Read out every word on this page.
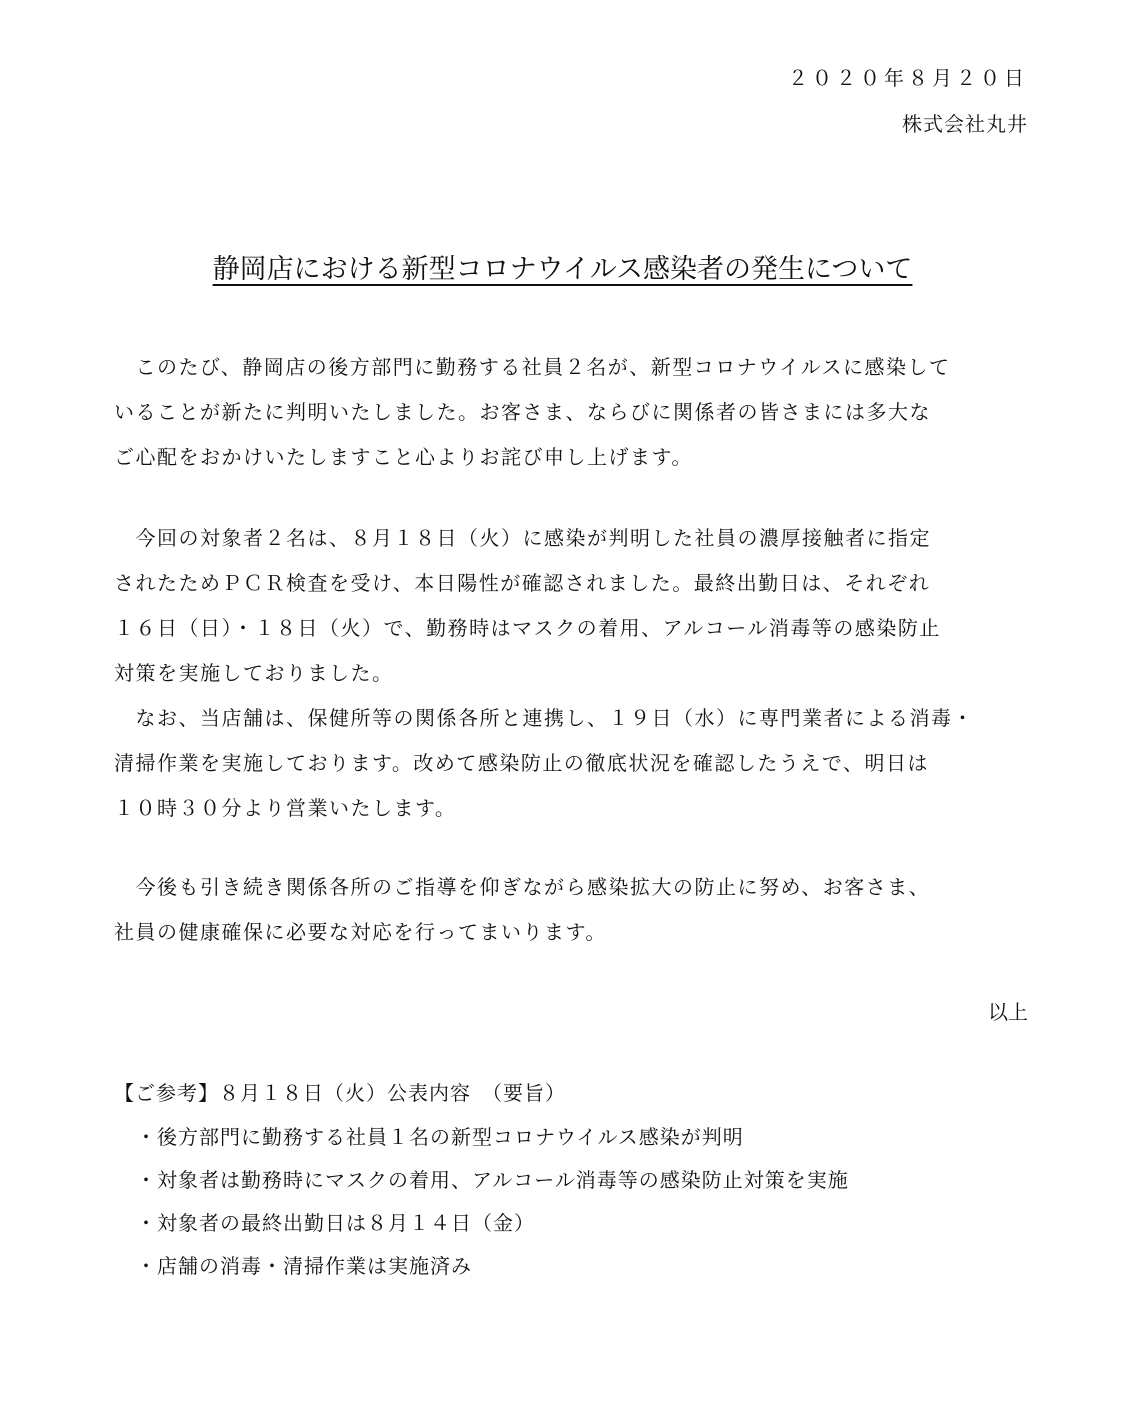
２０２０年８月２０日
株式会社丸井
静岡店における新型コロナウイルス感染者の発生について
　このたび、静岡店の後方部門に勤務する社員２名が、新型コロナウイルスに感染して
いることが新たに判明いたしました。お客さま、ならびに関係者の皆さまには多大な
ご心配をおかけいたしますこと心よりお詫び申し上げます。
　今回の対象者２名は、８月１８日（火）に感染が判明した社員の濃厚接触者に指定
されたためＰＣＲ検査を受け、本日陽性が確認されました。最終出勤日は、それぞれ
１６日（日）・１８日（火）で、勤務時はマスクの着用、アルコール消毒等の感染防止
対策を実施しておりました。
　なお、当店舗は、保健所等の関係各所と連携し、１９日（水）に専門業者による消毒・
清掃作業を実施しております。改めて感染防止の徹底状況を確認したうえで、明日は
１０時３０分より営業いたします。
　今後も引き続き関係各所のご指導を仰ぎながら感染拡大の防止に努め、お客さま、
社員の健康確保に必要な対応を行ってまいります。
以上
【ご参考】８月１８日（火）公表内容　（要旨）
・後方部門に勤務する社員１名の新型コロナウイルス感染が判明
・対象者は勤務時にマスクの着用、アルコール消毒等の感染防止対策を実施
・対象者の最終出勤日は８月１４日（金）
・店舗の消毒・清掃作業は実施済み
